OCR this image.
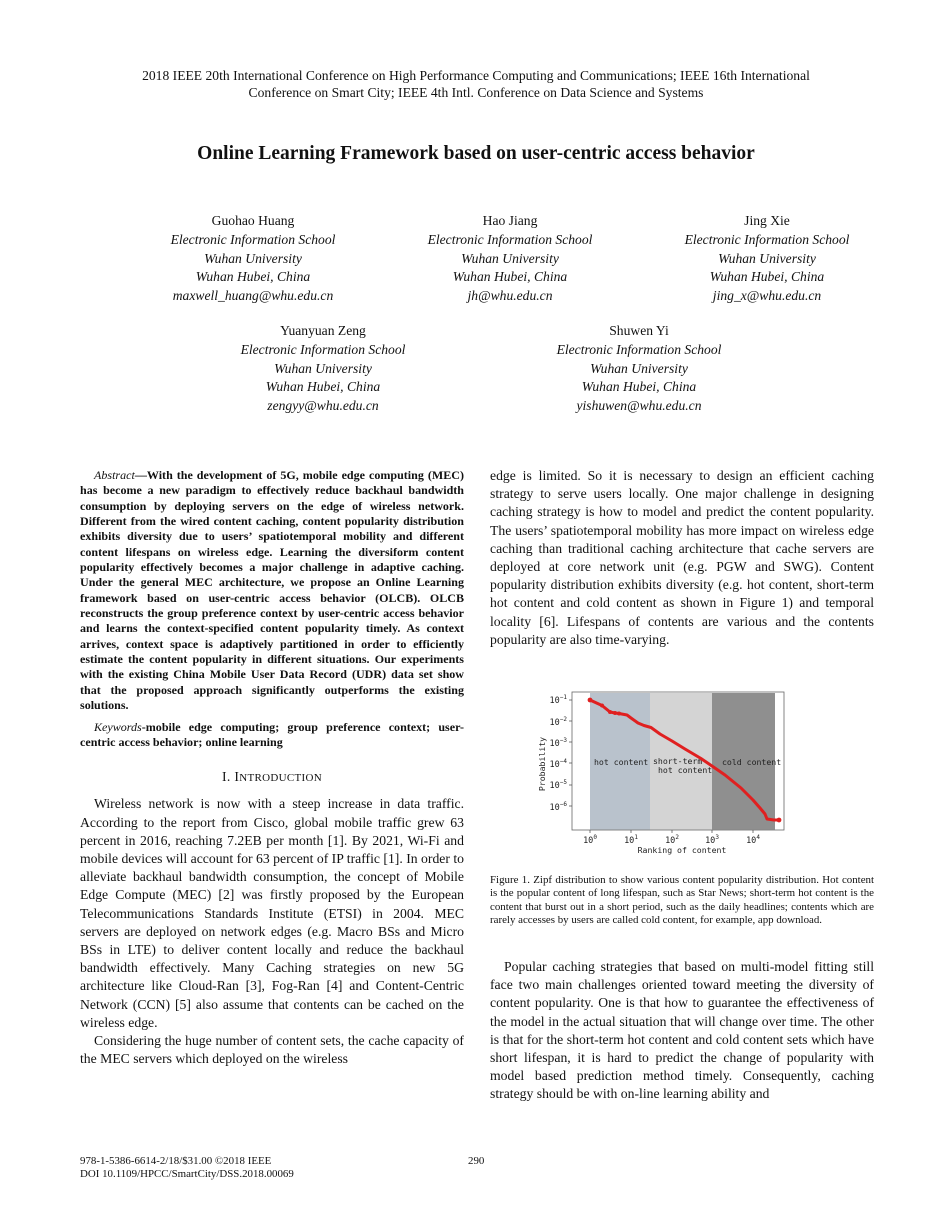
2018 IEEE 20th International Conference on High Performance Computing and Communications; IEEE 16th International
Conference on Smart City; IEEE 4th Intl. Conference on Data Science and Systems
Online Learning Framework based on user-centric access behavior
Guohao Huang
Electronic Information School
Wuhan University
Wuhan Hubei, China
maxwell_huang@whu.edu.cn
Hao Jiang
Electronic Information School
Wuhan University
Wuhan Hubei, China
jh@whu.edu.cn
Jing Xie
Electronic Information School
Wuhan University
Wuhan Hubei, China
jing_x@whu.edu.cn
Yuanyuan Zeng
Electronic Information School
Wuhan University
Wuhan Hubei, China
zengyy@whu.edu.cn
Shuwen Yi
Electronic Information School
Wuhan University
Wuhan Hubei, China
yishuwen@whu.edu.cn

Abstract—With the development of 5G, mobile edge computing (MEC) has become a new paradigm to effectively reduce backhaul bandwidth consumption by deploying servers on the edge of wireless network. Different from the wired content caching, content popularity distribution exhibits diversity due to users’ spatiotemporal mobility and different content lifespans on wireless edge. Learning the diversiform content popularity effectively becomes a major challenge in adaptive caching. Under the general MEC architecture, we propose an Online Learning framework based on user-centric access behavior (OLCB). OLCB reconstructs the group preference context by user-centric access behavior and learns the context-specified content popularity timely. As context arrives, context space is adaptively partitioned in order to efficiently estimate the content popularity in different situations. Our experiments with the existing China Mobile User Data Record (UDR) data set show that the proposed approach significantly outperforms the existing solutions.

Keywords-mobile edge computing; group preference context; user-centric access behavior; online learning

I. INTRODUCTION

Wireless network is now with a steep increase in data traffic. According to the report from Cisco, global mobile traffic grew 63 percent in 2016, reaching 7.2EB per month [1]. By 2021, Wi-Fi and mobile devices will account for 63 percent of IP traffic [1]. In order to alleviate backhaul bandwidth consumption, the concept of Mobile Edge Compute (MEC) [2] was firstly proposed by the European Telecommunications Standards Institute (ETSI) in 2004. MEC servers are deployed on network edges (e.g. Macro BSs and Micro BSs in LTE) to deliver content locally and reduce the backhaul bandwidth effectively. Many Caching strategies on new 5G architecture like Cloud-Ran [3], Fog-Ran [4] and Content-Centric Network (CCN) [5] also assume that contents can be cached on the wireless edge.

Considering the huge number of content sets, the cache capacity of the MEC servers which deployed on the wireless

edge is limited. So it is necessary to design an efficient caching strategy to serve users locally. One major challenge in designing caching strategy is how to model and predict the content popularity. The users’ spatiotemporal mobility has more impact on wireless edge caching than traditional caching architecture that cache servers are deployed at core network unit (e.g. PGW and SWG). Content popularity distribution exhibits diversity (e.g. hot content, short-term hot content and cold content as shown in Figure 1) and temporal locality [6]. Lifespans of contents are various and the contents popularity are also time-varying.

hot content short-term
hot content
cold content
$10^{-1}$
$10^{-2}$
$10^{-3}$
$10^{-4}$
$10^{-5}$
$10^{-6}$
$10^0$	$10^1$	$10^2$	$10^3$	$10^4$
Ranking of content
Probability
Figure 1. Zipf distribution to show various content popularity distribution. Hot content is the popular content of long lifespan, such as Star News; short-term hot content is the content that burst out in a short period, such as the daily headlines; contents which are rarely accesses by users are called cold content, for example, app download.

Popular caching strategies that based on multi-model fitting still face two main challenges oriented toward meeting the diversity of content popularity. One is that how to guarantee the effectiveness of the model in the actual situation that will change over time. The other is that for the short-term hot content and cold content sets which have short lifespan, it is hard to predict the change of popularity with model based prediction method timely. Consequently, caching strategy should be with on-line learning ability and

978-1-5386-6614-2/18/$31.00 ©2018 IEEE
DOI 10.1109/HPCC/SmartCity/DSS.2018.00069
290
